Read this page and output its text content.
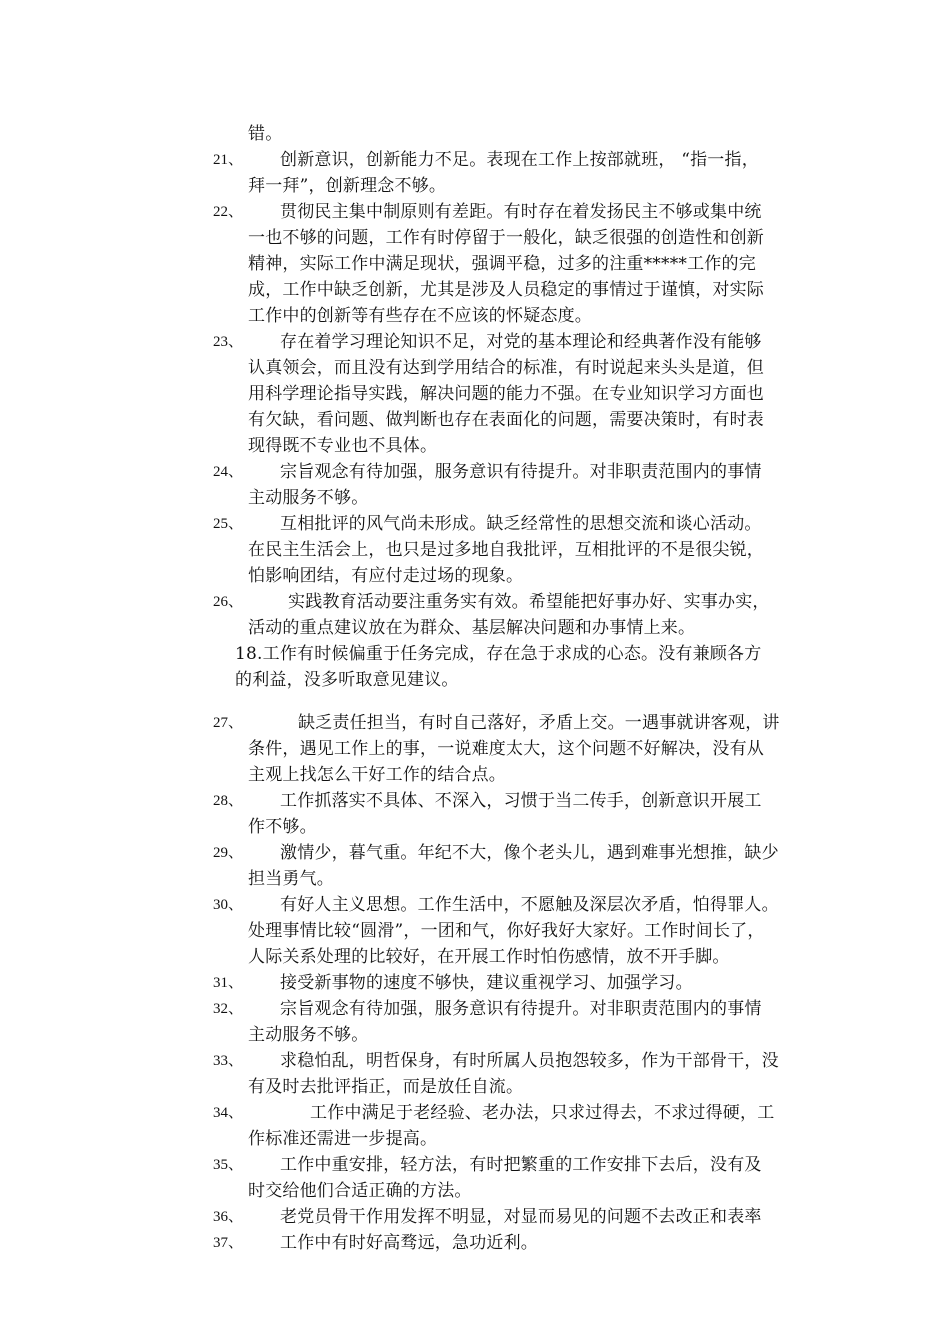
21、
22、
23、
24、
25、
26、
27、
28、
29、
30、
31、
32、
33、
34、
35、
36、
37、
错。
创新意识，创新能力不足。表现在工作上按部就班， “指一指，
拜一拜”，创新理念不够。
贯彻民主集中制原则有差距。有时存在着发扬民主不够或集中统
一也不够的问题，工作有时停留于一般化，缺乏很强的创造性和创新
精神，实际工作中满足现状，强调平稳，过多的注重*****工作的完
成，工作中缺乏创新，尤其是涉及人员稳定的事情过于谨慎，对实际
工作中的创新等有些存在不应该的怀疑态度。
存在着学习理论知识不足，对党的基本理论和经典著作没有能够
认真领会，而且没有达到学用结合的标准，有时说起来头头是道，但
用科学理论指导实践，解决问题的能力不强。在专业知识学习方面也
有欠缺，看问题、做判断也存在表面化的问题，需要决策时，有时表
现得既不专业也不具体。
宗旨观念有待加强，服务意识有待提升。对非职责范围内的事情
主动服务不够。
互相批评的风气尚未形成。缺乏经常性的思想交流和谈心活动。
在民主生活会上，也只是过多地自我批评，互相批评的不是很尖锐，
怕影响团结，有应付走过场的现象。
实践教育活动要注重务实有效。希望能把好事办好、实事办实，
活动的重点建议放在为群众、基层解决问题和办事情上来。
18.工作有时候偏重于任务完成，存在急于求成的心态。没有兼顾各方
的利益，没多听取意见建议。
缺乏责任担当，有时自己落好，矛盾上交。一遇事就讲客观，讲
条件，遇见工作上的事，一说难度太大，这个问题不好解决，没有从
主观上找怎么干好工作的结合点。
工作抓落实不具体、不深入，习惯于当二传手，创新意识开展工
作不够。
激情少，暮气重。年纪不大，像个老头儿，遇到难事光想推，缺少
担当勇气。
有好人主义思想。工作生活中，不愿触及深层次矛盾，怕得罪人。
处理事情比较“圆滑”，一团和气，你好我好大家好。工作时间长了，
人际关系处理的比较好，在开展工作时怕伤感情，放不开手脚。
接受新事物的速度不够快，建议重视学习、加强学习。
宗旨观念有待加强，服务意识有待提升。对非职责范围内的事情
主动服务不够。
求稳怕乱，明哲保身，有时所属人员抱怨较多，作为干部骨干，没
有及时去批评指正，而是放任自流。
工作中满足于老经验、老办法，只求过得去，不求过得硬，工
作标准还需进一步提高。
工作中重安排，轻方法，有时把繁重的工作安排下去后，没有及
时交给他们合适正确的方法。
老党员骨干作用发挥不明显，对显而易见的问题不去改正和表率
工作中有时好高骛远，急功近利。
